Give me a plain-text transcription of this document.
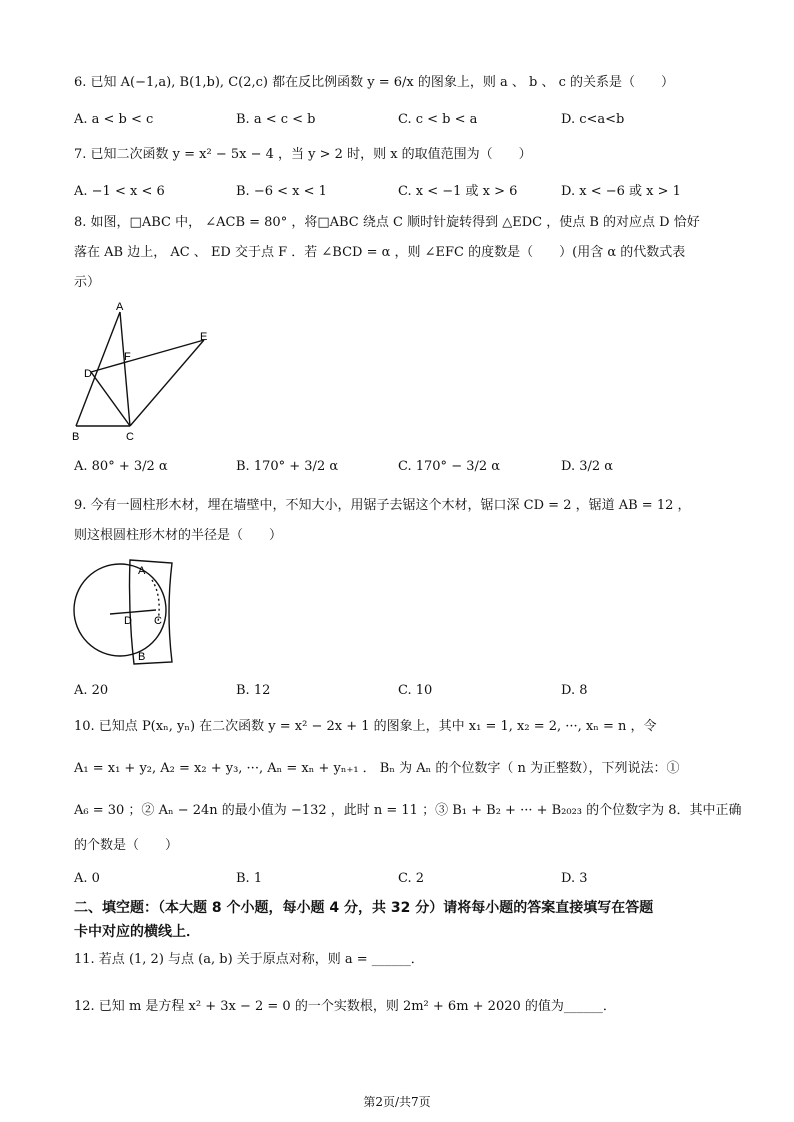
6. 已知 A(−1,a), B(1,b), C(2,c) 都在反比例函数 y = 6/x 的图象上，则 a 、 b 、 c 的关系是（　　）
A. a < b < c	B. a < c < b	C. c < b < a	D. c<a<b
7. 已知二次函数 y = x² − 5x − 4 ，当 y > 2 时，则 x 的取值范围为（　　）
A. −1 < x < 6	B. −6 < x < 1	C. x < −1 或 x > 6	D. x < −6 或 x > 1
8. 如图，□ABC 中， ∠ACB = 80° ，将□ABC 绕点 C 顺时针旋转得到 △EDC ，使点 B 的对应点 D 恰好
落在 AB 边上， AC 、 ED 交于点 F ．若 ∠BCD = α ，则 ∠EFC 的度数是（　　）(用含 α 的代数式表
示）
A
B	C
D
E
F
A. 80° + 3/2 α	B. 170° + 3/2 α	C. 170° − 3/2 α	D. 3/2 α
9. 今有一圆柱形木材，埋在墙壁中，不知大小，用锯子去锯这个木材，锯口深 CD = 2 ，锯道 AB = 12 ，
则这根圆柱形木材的半径是（　　）
A
B
C
D
A. 20	B. 12	C. 10	D. 8
10. 已知点 P(xₙ, yₙ) 在二次函数 y = x² − 2x + 1 的图象上，其中 x₁ = 1, x₂ = 2, ···, xₙ = n ，令
A₁ = x₁ + y₂, A₂ = x₂ + y₃, ···, Aₙ = xₙ + yₙ₊₁ ． Bₙ 为 Aₙ 的个位数字（ n 为正整数），下列说法：①
A₆ = 30 ；② Aₙ − 24n 的最小值为 −132 ，此时 n = 11 ；③ B₁ + B₂ + ··· + B₂₀₂₃ 的个位数字为 8．其中正确
的个数是（　　）
A. 0	B. 1	C. 2	D. 3
二、填空题：（本大题 8 个小题，每小题 4 分，共 32 分）请将每小题的答案直接填写在答题
卡中对应的横线上．
11. 若点 (1, 2) 与点 (a, b) 关于原点对称，则 a = ______．
12. 已知 m 是方程 x² + 3x − 2 = 0 的一个实数根，则 2m² + 6m + 2020 的值为______．
第2页/共7页
